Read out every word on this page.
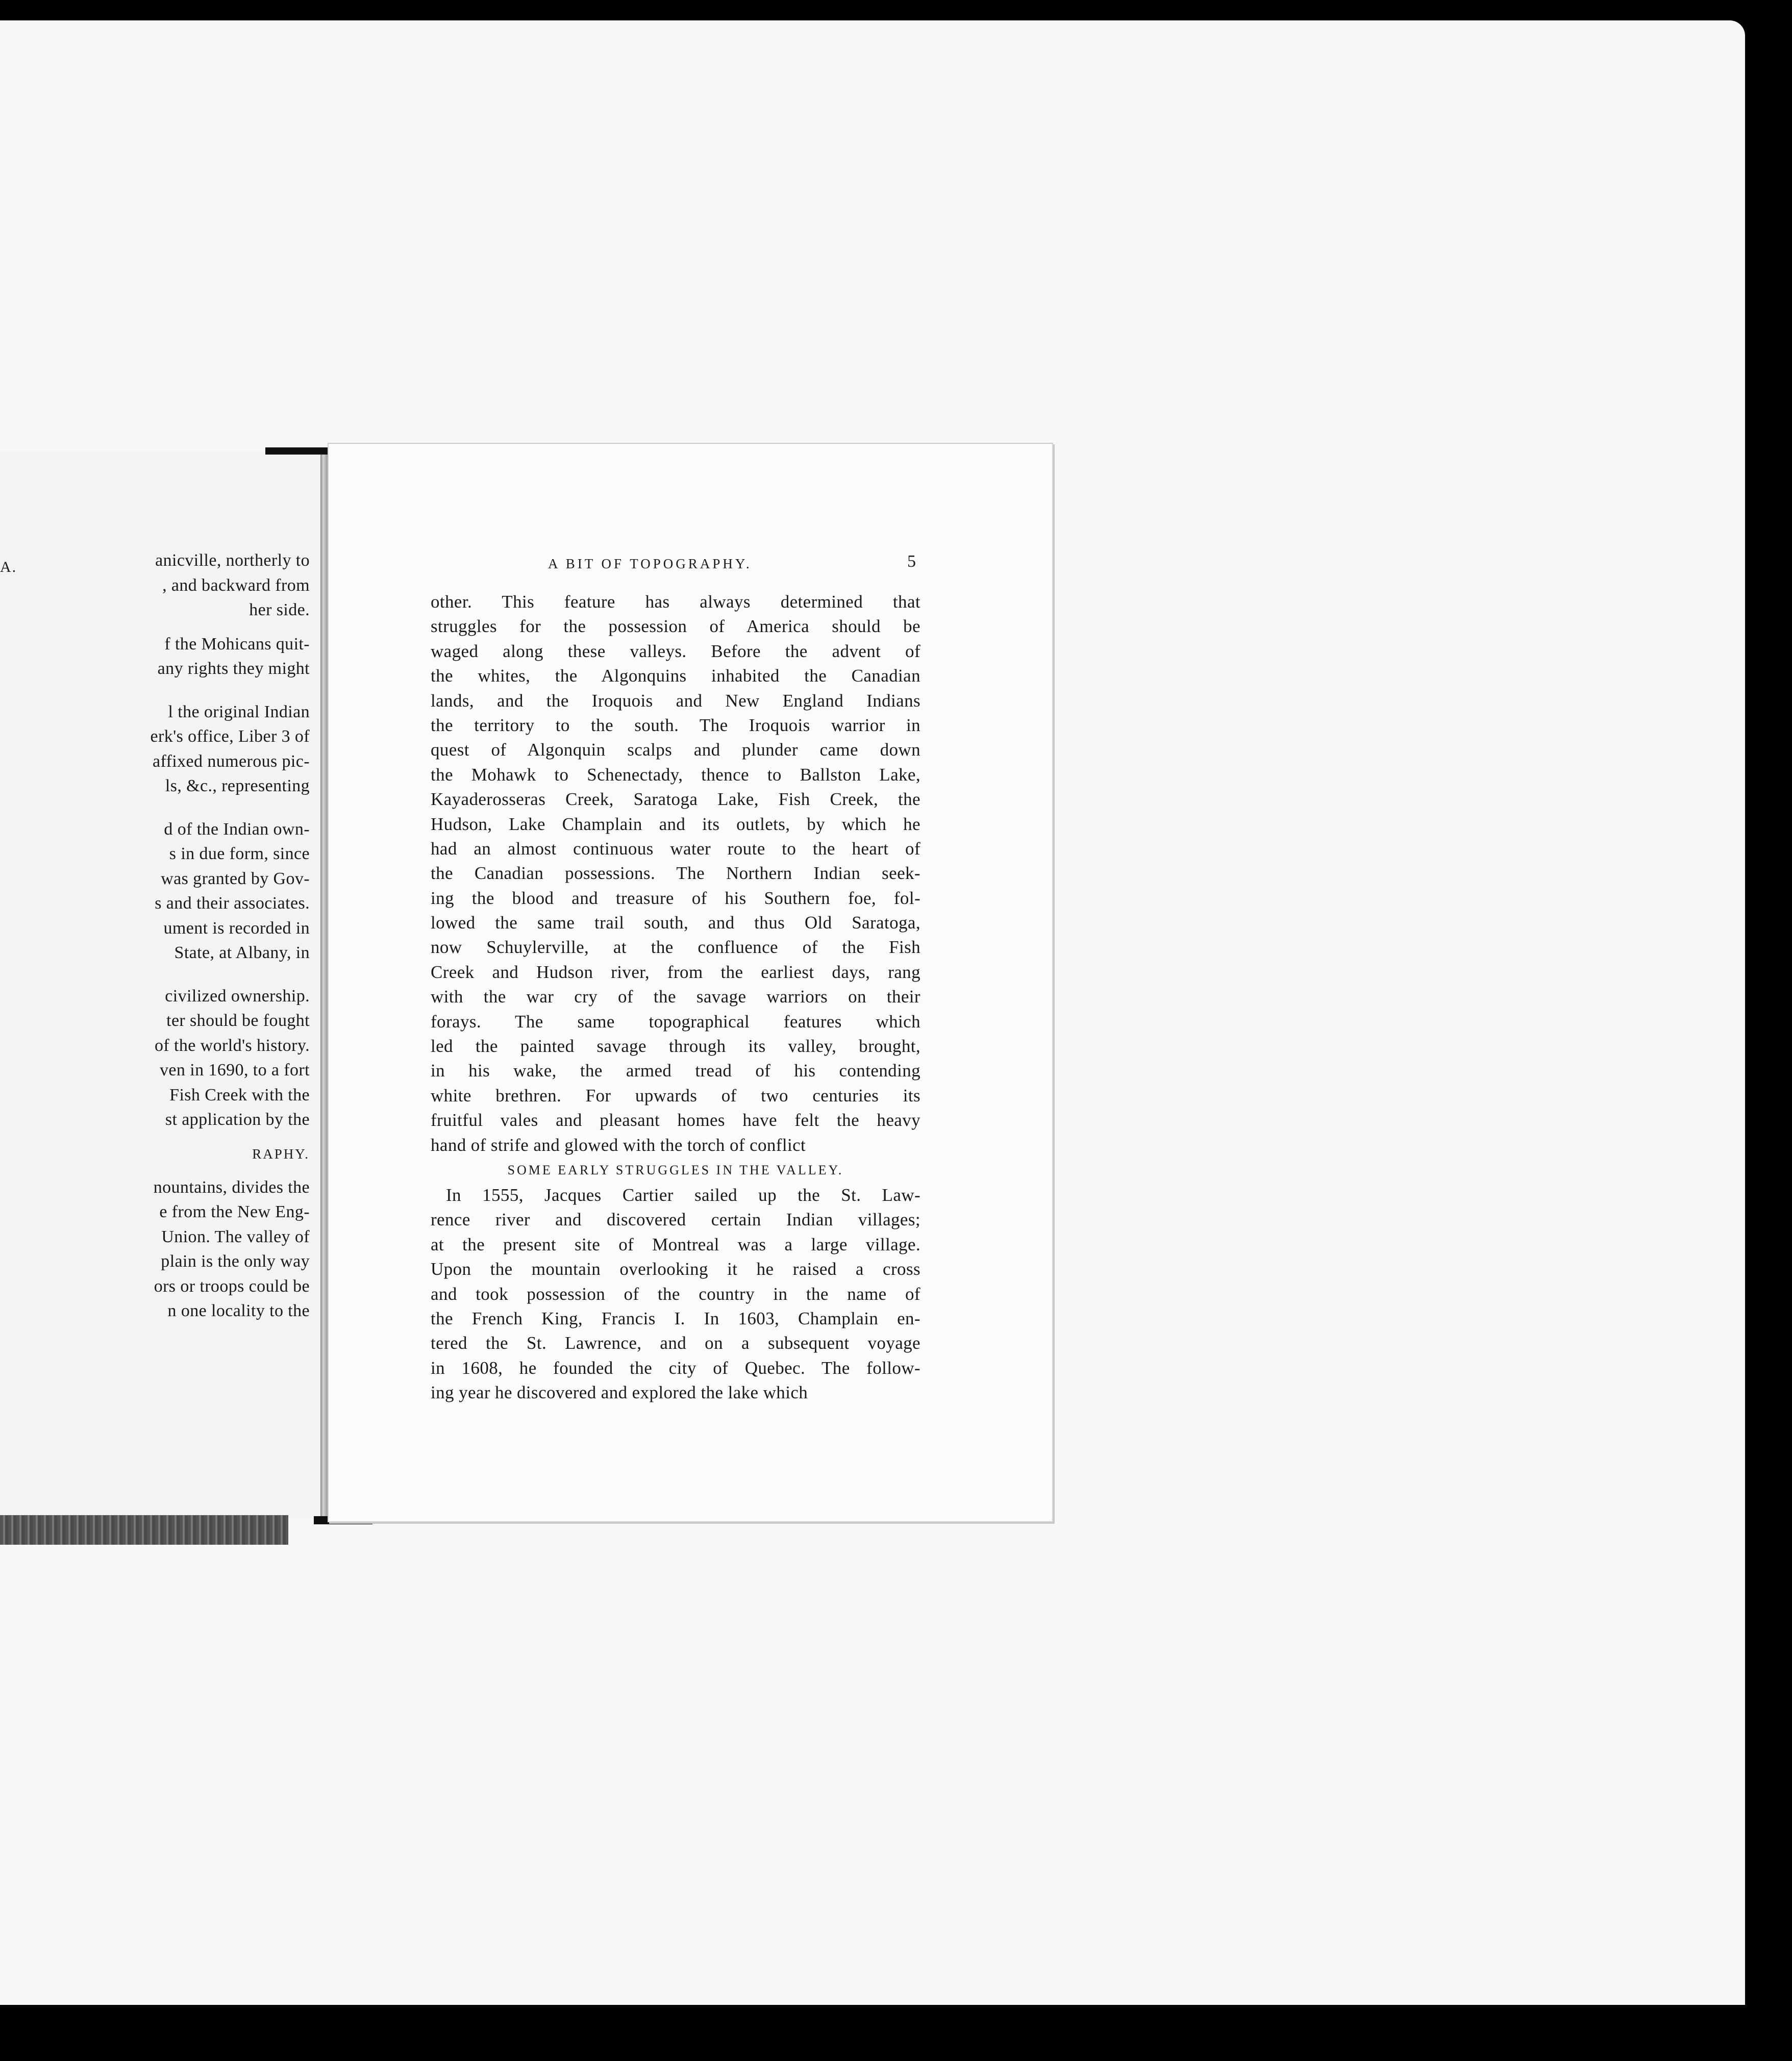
A.	anicville, northerly to
, and backward from
her side.
f the Mohicans quit-
any rights they might
l the original Indian
erk's office, Liber 3 of
affixed numerous pic-
ls, &c., representing
d of the Indian own-
s in due form, since
was granted by Gov-
s and their associates.
ument is recorded in
State, at Albany, in
civilized ownership.
ter should be fought
of the world's history.
ven in 1690, to a fort
Fish Creek with the
st application by the
RAPHY.
nountains, divides the
e from the New Eng-
Union. The valley of
plain is the only way
ors or troops could be
n one locality to the
A BIT OF TOPOGRAPHY.	5
other. This feature has always determined that
struggles for the possession of America should be
waged along these valleys. Before the advent of
the whites, the Algonquins inhabited the Canadian
lands, and the Iroquois and New England Indians
the territory to the south. The Iroquois warrior in
quest of Algonquin scalps and plunder came down
the Mohawk to Schenectady, thence to Ballston Lake,
Kayaderosseras Creek, Saratoga Lake, Fish Creek, the
Hudson, Lake Champlain and its outlets, by which he
had an almost continuous water route to the heart of
the Canadian possessions. The Northern Indian seek-
ing the blood and treasure of his Southern foe, fol-
lowed the same trail south, and thus Old Saratoga,
now Schuylerville, at the confluence of the Fish
Creek and Hudson river, from the earliest days, rang
with the war cry of the savage warriors on their
forays. The same topographical features which
led the painted savage through its valley, brought,
in his wake, the armed tread of his contending
white brethren. For upwards of two centuries its
fruitful vales and pleasant homes have felt the heavy
hand of strife and glowed with the torch of conflict
SOME EARLY STRUGGLES IN THE VALLEY.
In 1555, Jacques Cartier sailed up the St. Law-
rence river and discovered certain Indian villages;
at the present site of Montreal was a large village.
Upon the mountain overlooking it he raised a cross
and took possession of the country in the name of
the French King, Francis I. In 1603, Champlain en-
tered the St. Lawrence, and on a subsequent voyage
in 1608, he founded the city of Quebec. The follow-
ing year he discovered and explored the lake which
